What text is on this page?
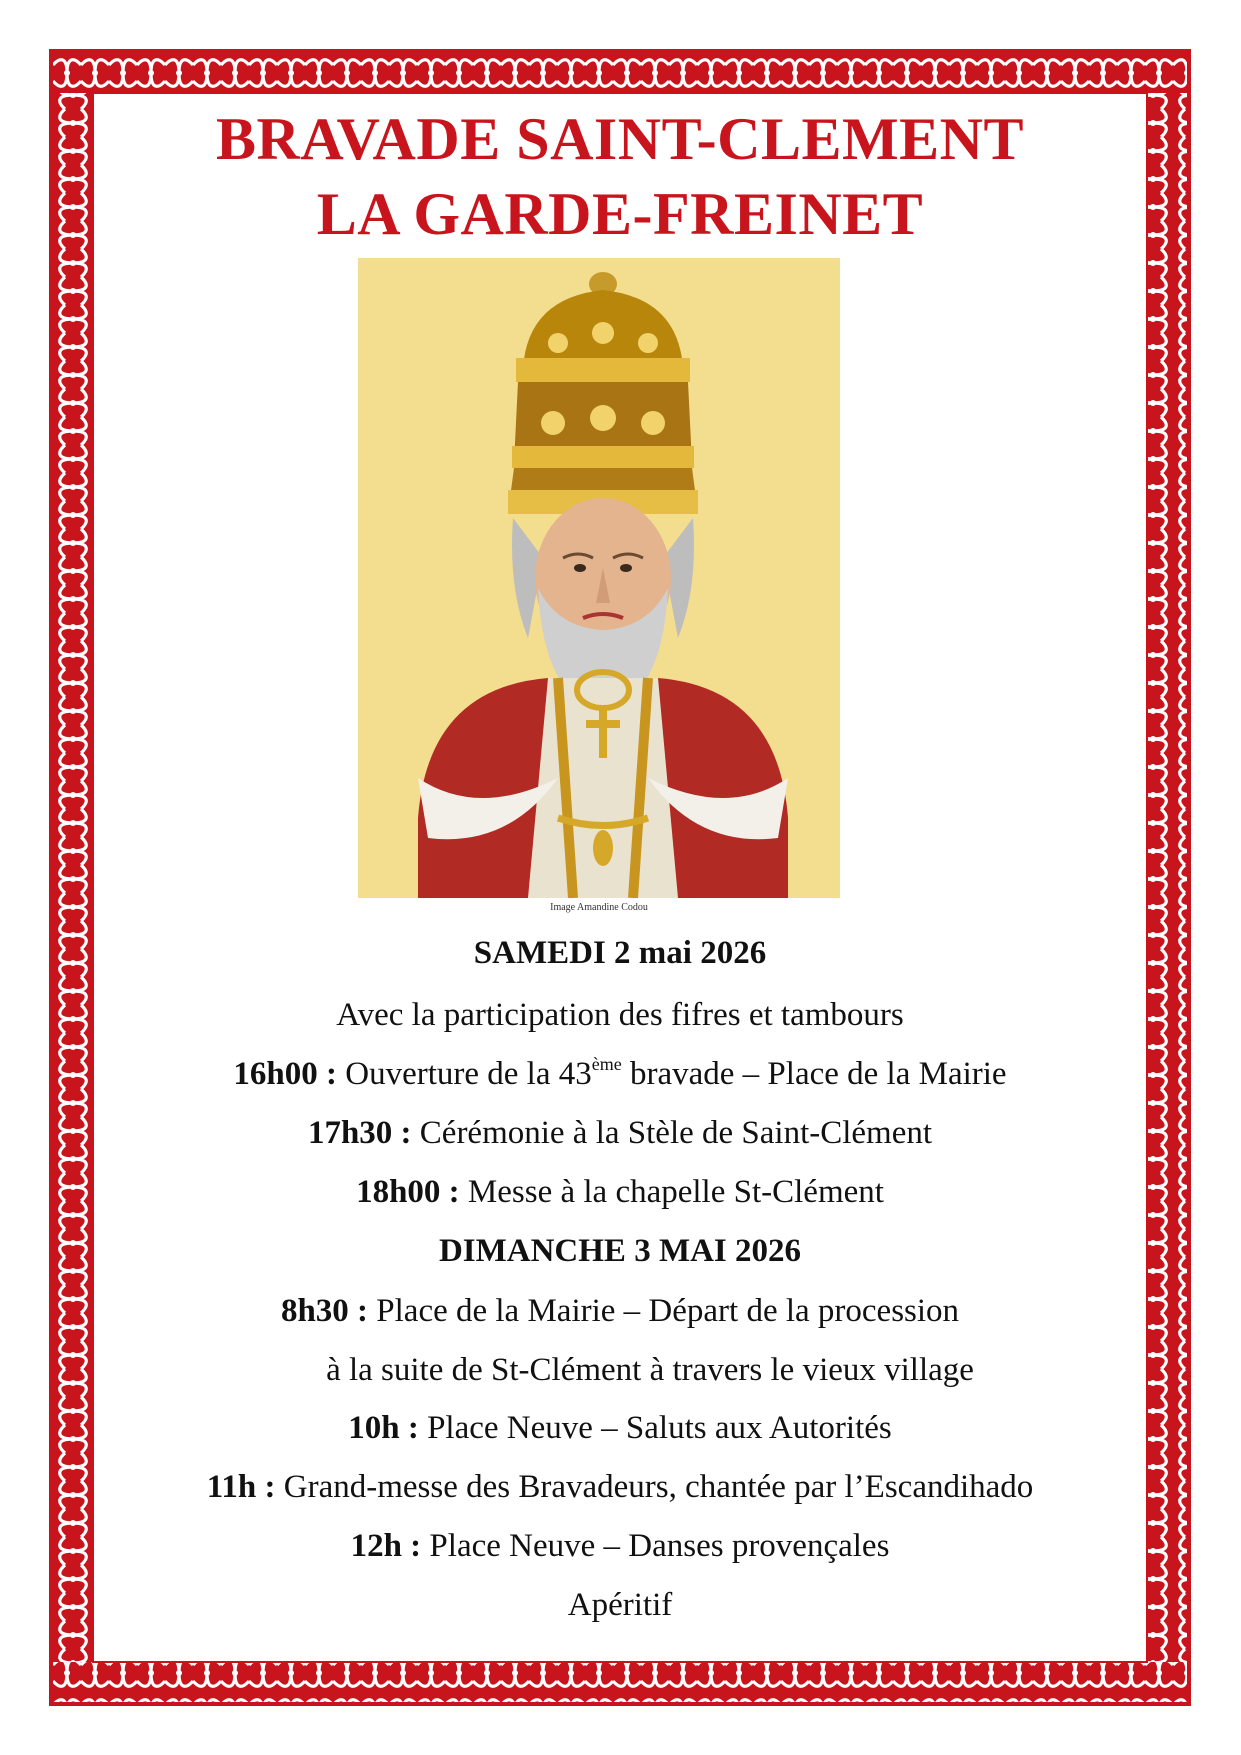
BRAVADE SAINT-CLEMENT
LA GARDE-FREINET

Image Amandine Codou

SAMEDI 2 mai 2026

Avec la participation des fifres et tambours

16h00 : Ouverture de la 43ème bravade – Place de la Mairie

17h30 : Cérémonie à la Stèle de Saint-Clément

18h00 : Messe à la chapelle St-Clément

DIMANCHE 3 MAI 2026

8h30 : Place de la Mairie – Départ de la procession

à la suite de St-Clément à travers le vieux village

10h : Place Neuve – Saluts aux Autorités

11h : Grand-messe des Bravadeurs, chantée par l’Escandihado

12h : Place Neuve – Danses provençales

Apéritif
